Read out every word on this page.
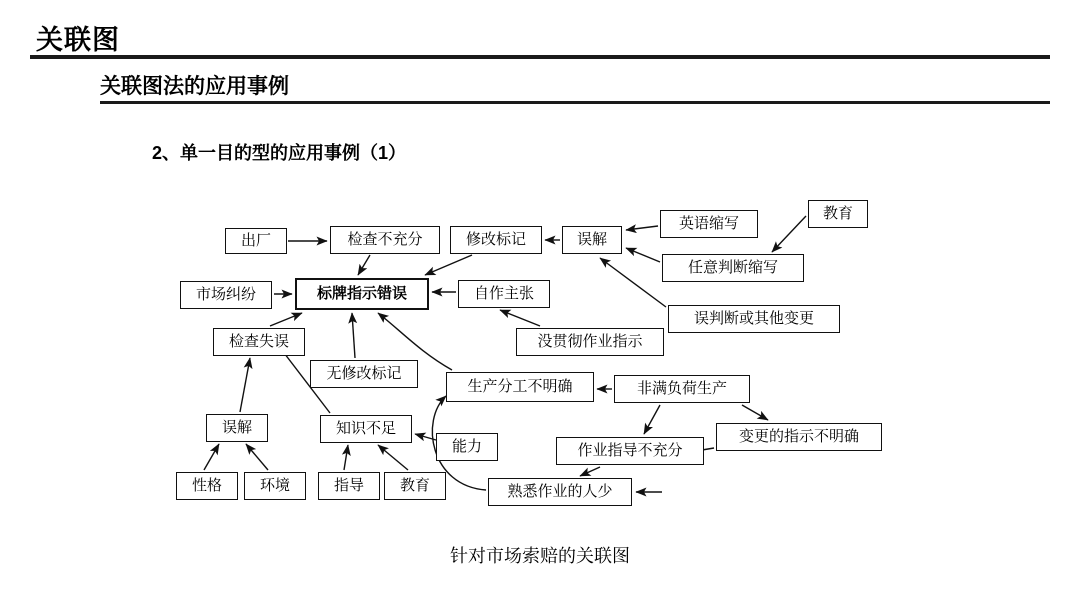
关联图
关联图法的应用事例
2、单一目的型的应用事例（1）
出厂	检查不充分	修改标记	误解
英语缩写
教育
任意判断缩写
市场纠纷	标牌指示错误	自作主张
误判断或其他变更
检查失误	没贯彻作业指示
无修改标记
生产分工不明确	非满负荷生产
误解	知识不足
能力	作业指导不充分
变更的指示不明确
性格	环境	指导 教育	熟悉作业的人少
针对市场索赔的关联图
